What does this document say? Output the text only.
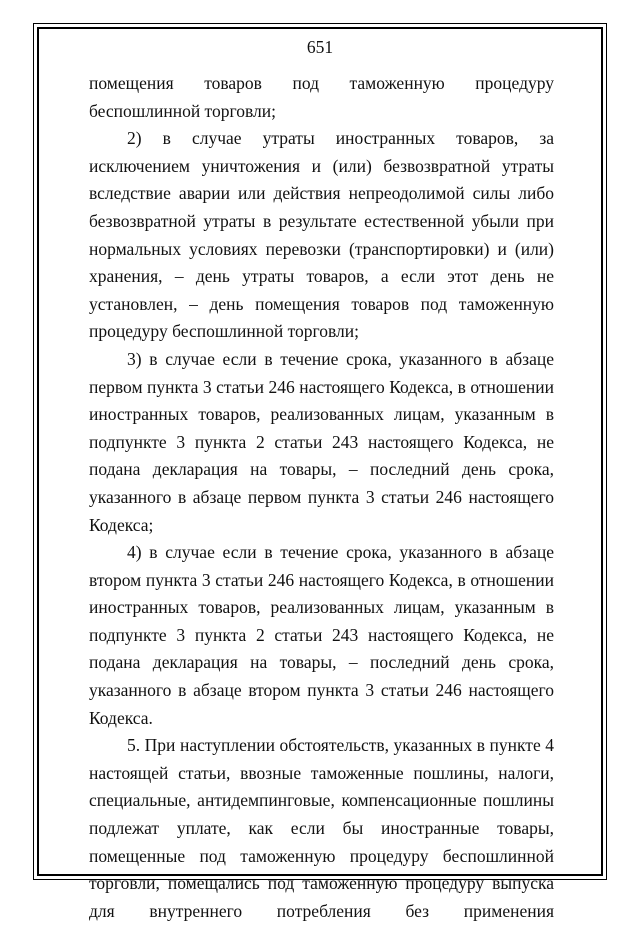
651

помещения товаров под таможенную процедуру беспошлинной торговли;

2) в случае утраты иностранных товаров, за исключением уничтожения и (или) безвозвратной утраты вследствие аварии или действия непреодолимой силы либо безвозвратной утраты в результате естественной убыли при нормальных условиях перевозки (транспортировки) и (или) хранения, – день утраты товаров, а если этот день не установлен, – день помещения товаров под таможенную процедуру беспошлинной торговли;

3) в случае если в течение срока, указанного в абзаце первом пункта 3 статьи 246 настоящего Кодекса, в отношении иностранных товаров, реализованных лицам, указанным в подпункте 3 пункта 2 статьи 243 настоящего Кодекса, не подана декларация на товары, – последний день срока, указанного в абзаце первом пункта 3 статьи 246 настоящего Кодекса;

4) в случае если в течение срока, указанного в абзаце втором пункта 3 статьи 246 настоящего Кодекса, в отношении иностранных товаров, реализованных лицам, указанным в подпункте 3 пункта 2 статьи 243 настоящего Кодекса, не подана декларация на товары, – последний день срока, указанного в абзаце втором пункта 3 статьи 246 настоящего Кодекса.

5. При наступлении обстоятельств, указанных в пункте 4 настоящей статьи, ввозные таможенные пошлины, налоги, специальные, антидемпинговые, компенсационные пошлины подлежат уплате, как если бы иностранные товары, помещенные под таможенную процедуру беспошлинной торговли, помещались под таможенную процедуру выпуска для внутреннего потребления без применения
